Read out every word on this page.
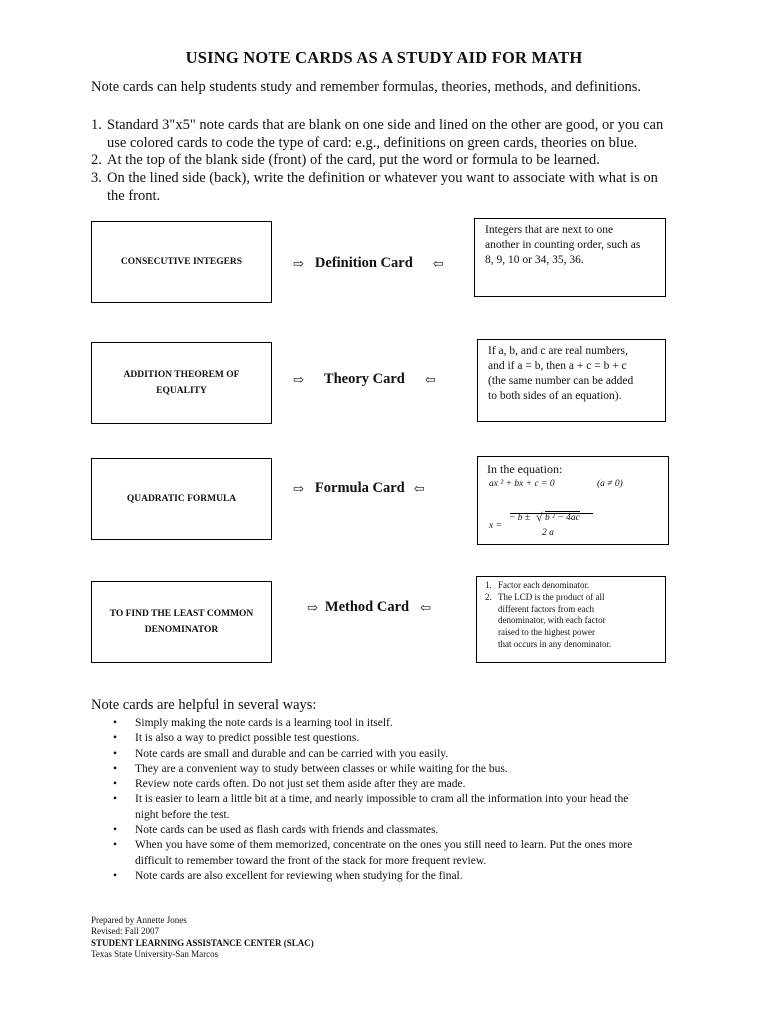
USING NOTE CARDS AS A STUDY AID FOR MATH
Note cards can help students study and remember formulas, theories, methods, and definitions.
1. Standard 3"x5" note cards that are blank on one side and lined on the other are good, or you can
use colored cards to code the type of card: e.g., definitions on green cards, theories on blue.
2. At the top of the blank side (front) of the card, put the word or formula to be learned.
3. On the lined side (back), write the definition or whatever you want to associate with what is on
the front.
CONSECUTIVE INTEGERS	⇨ Definition Card ⇦
Integers that are next to one
another in counting order, such as
8, 9, 10 or 34, 35, 36.
ADDITION THEOREM OF
EQUALITY
⇨ Theory Card ⇦
If a, b, and c are real numbers,
and if a = b, then a + c = b + c
(the same number can be added
to both sides of an equation).
QUADRATIC FORMULA
⇨ Formula Card ⇦
In the equation:
ax ² + bx + c = 0	(a ≠ 0)
x =
− b ± √ b ² − 4ac
2 a
TO FIND THE LEAST COMMON
DENOMINATOR
⇨ Method Card ⇦
1. Factor each denominator.
2. The LCD is the product of all
different factors from each
denominator, with each factor
raised to the highest power
that occurs in any denominator.
Note cards are helpful in several ways:
• Simply making the note cards is a learning tool in itself.
• It is also a way to predict possible test questions.
• Note cards are small and durable and can be carried with you easily.
• They are a convenient way to study between classes or while waiting for the bus.
• Review note cards often. Do not just set them aside after they are made.
• It is easier to learn a little bit at a time, and nearly impossible to cram all the information into your head the
night before the test.
• Note cards can be used as flash cards with friends and classmates.
• When you have some of them memorized, concentrate on the ones you still need to learn. Put the ones more
difficult to remember toward the front of the stack for more frequent review.
• Note cards are also excellent for reviewing when studying for the final.
Prepared by Annette Jones
Revised: Fall 2007
STUDENT LEARNING ASSISTANCE CENTER (SLAC)
Texas State University-San Marcos
